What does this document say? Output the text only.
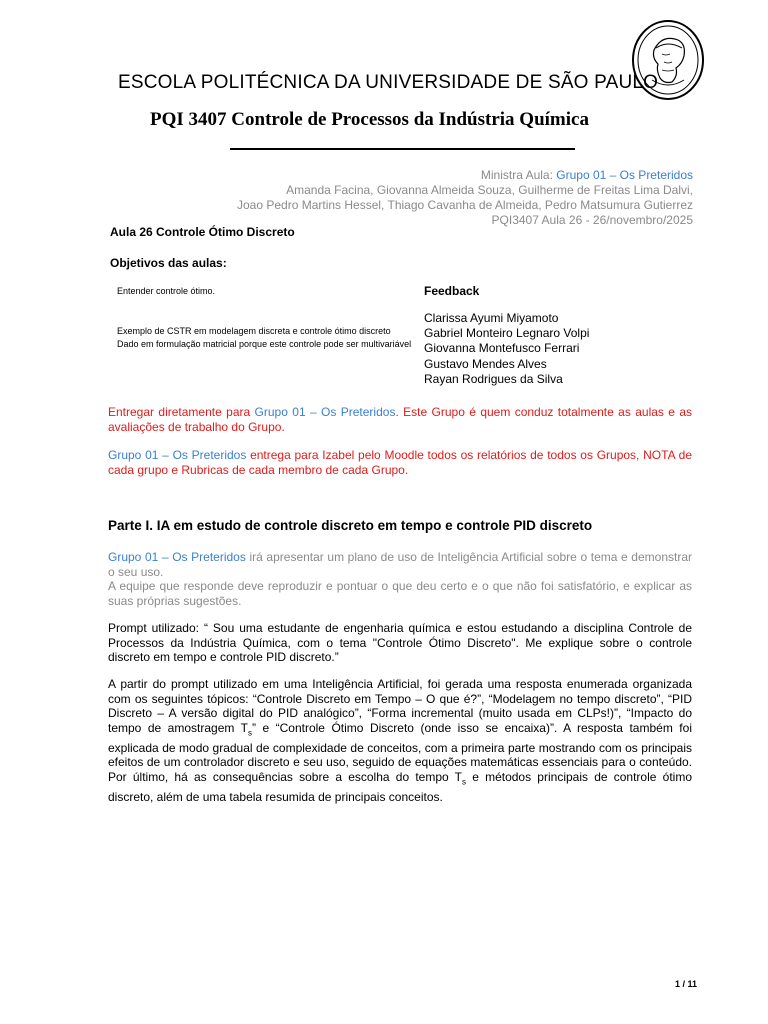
ESCOLA POLITÉCNICA DA UNIVERSIDADE DE SÃO PAULO
PQI 3407 Controle de Processos da Indústria Química
Ministra Aula: Grupo 01 – Os Preteridos
Amanda Facina, Giovanna Almeida Souza, Guilherme de Freitas Lima Dalvi,
Joao Pedro Martins Hessel, Thiago Cavanha de Almeida, Pedro Matsumura Gutierrez
PQI3407 Aula 26 - 26/novembro/2025
Aula 26 Controle Ótimo Discreto
Objetivos das aulas:
Entender controle ótimo.
Exemplo de CSTR em modelagem discreta e controle ótimo discreto
Dado em formulação matricial porque este controle pode ser multivariável
Feedback
Clarissa Ayumi Miyamoto
Gabriel Monteiro Legnaro Volpi
Giovanna Montefusco Ferrari
Gustavo Mendes Alves
Rayan Rodrigues da Silva
Entregar diretamente para Grupo 01 – Os Preteridos. Este Grupo é quem conduz totalmente as aulas e as avaliações de trabalho do Grupo.
Grupo 01 – Os Preteridos entrega para Izabel pelo Moodle todos os relatórios de todos os Grupos, NOTA de cada grupo e Rubricas de cada membro de cada Grupo.
Parte I. IA em estudo de controle discreto em tempo e controle PID discreto
Grupo 01 – Os Preteridos irá apresentar um plano de uso de Inteligência Artificial sobre o tema e demonstrar o seu uso.
A equipe que responde deve reproduzir e pontuar o que deu certo e o que não foi satisfatório, e explicar as suas próprias sugestões.
Prompt utilizado: “ Sou uma estudante de engenharia química e estou estudando a disciplina Controle de Processos da Indústria Química, com o tema "Controle Ótimo Discreto". Me explique sobre o controle discreto em tempo e controle PID discreto.”
A partir do prompt utilizado em uma Inteligência Artificial, foi gerada uma resposta enumerada organizada com os seguintes tópicos: “Controle Discreto em Tempo – O que é?”, “Modelagem no tempo discreto”, “PID Discreto – A versão digital do PID analógico”, “Forma incremental (muito usada em CLPs!)”, “Impacto do tempo de amostragem $T_s$” e “Controle Ótimo Discreto (onde isso se encaixa)”. A resposta também foi explicada de modo gradual de complexidade de conceitos, com a primeira parte mostrando com os principais efeitos de um controlador discreto e seu uso, seguido de equações matemáticas essenciais para o conteúdo. Por último, há as consequências sobre a escolha do tempo $T_s$ e métodos principais de controle ótimo discreto, além de uma tabela resumida de principais conceitos.
1 / 11
